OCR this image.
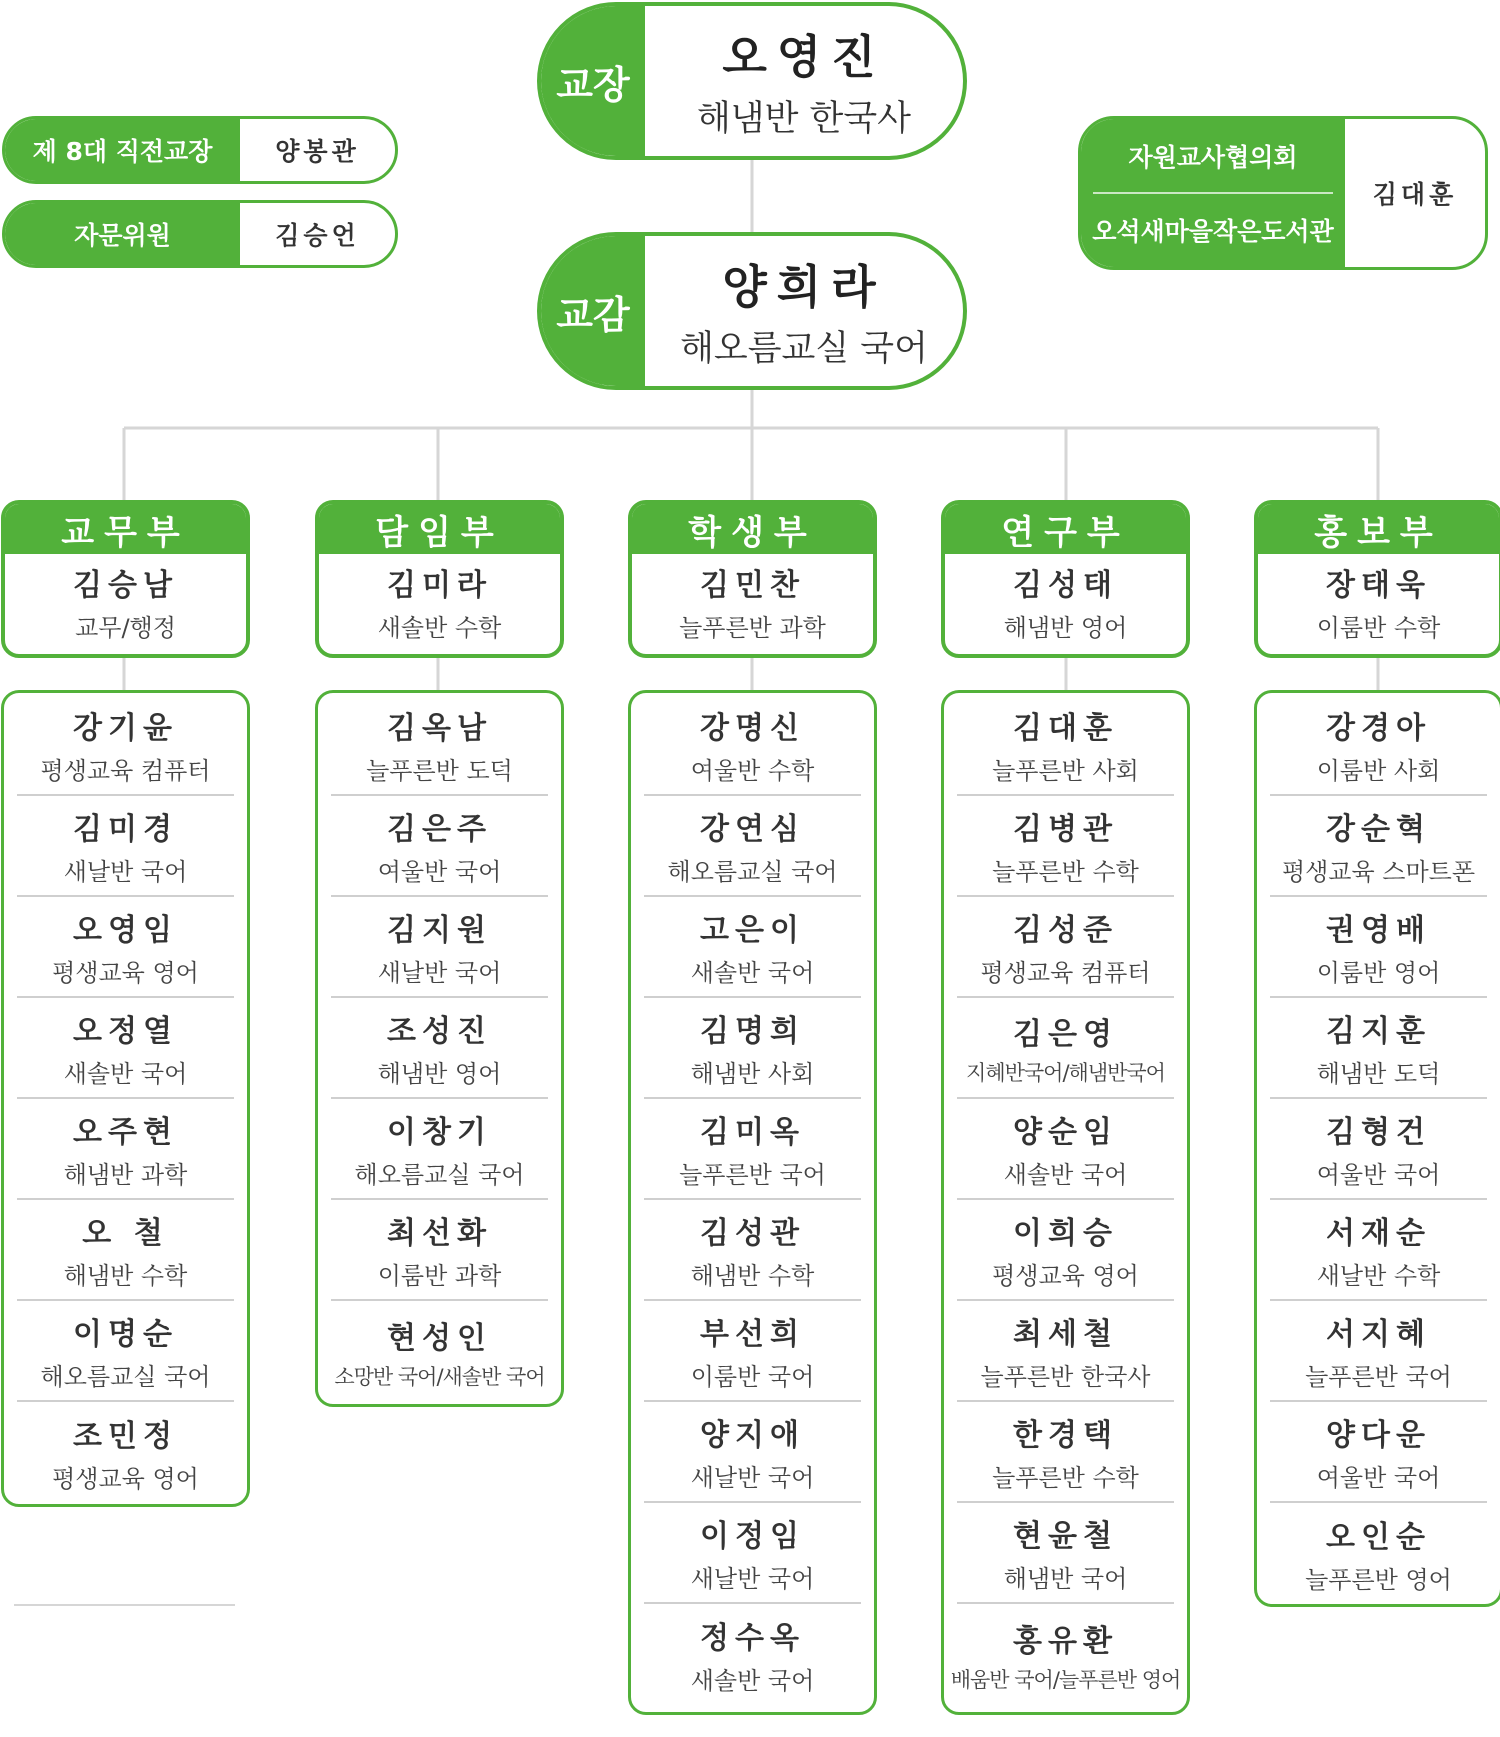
교장
오영진
해냄반 한국사
교감
양희라
해오름교실 국어
제 8대 직전교장	양봉관
자문위원	김승언
자원교사협의회
오석새마을작은도서관
김대훈
교무부
김승남
교무/행정
담임부
김미라
새솔반 수학
학생부
김민찬
늘푸른반 과학
연구부
김성태
해냄반 영어
홍보부
장태욱
이룸반 수학
강기윤
평생교육 컴퓨터
김미경
새날반 국어
오영임
평생교육 영어
오정열
새솔반 국어
오주현
해냄반 과학
오 철
해냄반 수학
이명순
해오름교실 국어
조민정
평생교육 영어
김옥남
늘푸른반 도덕
김은주
여울반 국어
김지원
새날반 국어
조성진
해냄반 영어
이창기
해오름교실 국어
최선화
이룸반 과학
현성인
소망반 국어/새솔반 국어
강명신
여울반 수학
강연심
해오름교실 국어
고은이
새솔반 국어
김명희
해냄반 사회
김미옥
늘푸른반 국어
김성관
해냄반 수학
부선희
이룸반 국어
양지애
새날반 국어
이정임
새날반 국어
정수옥
새솔반 국어
김대훈
늘푸른반 사회
김병관
늘푸른반 수학
김성준
평생교육 컴퓨터
김은영
지혜반국어/해냄반국어
양순임
새솔반 국어
이희승
평생교육 영어
최세철
늘푸른반 한국사
한경택
늘푸른반 수학
현윤철
해냄반 국어
홍유환
배움반 국어/늘푸른반 영어
강경아
이룸반 사회
강순혁
평생교육 스마트폰
권영배
이룸반 영어
김지훈
해냄반 도덕
김형건
여울반 국어
서재순
새날반 수학
서지혜
늘푸른반 국어
양다운
여울반 국어
오인순
늘푸른반 영어
